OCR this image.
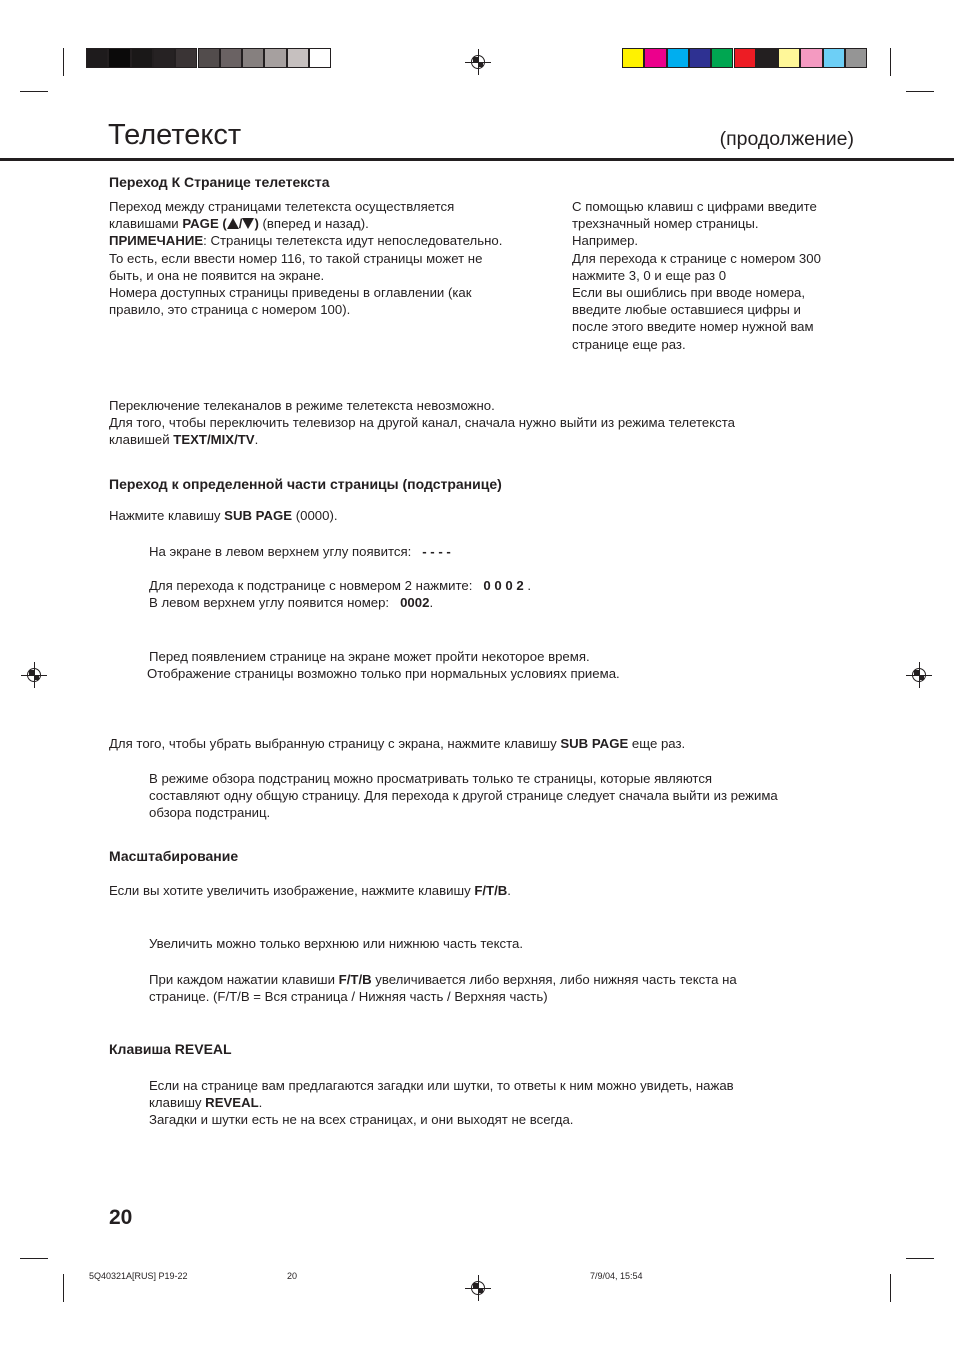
Телетекст	(продолжение)
Переход К Странице телетекста

Переход между страницами телетекста осуществляется

клавишами PAGE ( / ) (вперед и назад).

ПРИМЕЧАНИЕ: Страницы телетекста идут непоследовательно.

То есть, если ввести номер 116, то такой страницы может не

быть, и она не появится на экране.

Номера доступных страницы приведены в оглавлении (как

правило, это страница с номером 100).

С помощью клавиш с цифрами введите

трехзначный номер страницы.

Например.

Для перехода к странице с номером 300

нажмите 3, 0 и еще раз 0

Если вы ошиблись при вводе номера,

введите любые оставшиеся цифры и

после этого введите номер нужной вам

странице еще раз.

Переключение телеканалов в режиме телетекста невозможно.

Для того, чтобы переключить телевизор на другой канал, сначала нужно выйти из режима телетекста

клавишей TEXT/MIX/TV.

Переход к определенной части страницы (подстранице)

Нажмите клавишу SUB PAGE (0000).

На экране в левом верхнем углу появится:   - - - -

Для перехода к подстранице с новмером 2 нажмите:   0 0 0 2 .

В левом верхнем углу появится номер:   0002.

Перед появлением странице на экране может пройти некоторое время.

Отображение страницы возможно только при нормальных условиях приема.

Для того, чтобы убрать выбранную страницу с экрана, нажмите клавишу SUB PAGE еще раз.

В режиме обзора подстраниц можно просматривать только те страницы, которые являются

составляют одну общую страницу. Для перехода к другой странице следует сначала выйти из режима

обзора подстраниц.

Масштабирование

Если вы хотите увеличить изображение, нажмите клавишу F/T/B.

Увеличить можно только верхнюю или нижнюю часть текста.

При каждом нажатии клавиши F/T/B увеличивается либо верхняя, либо нижняя часть текста на

странице. (F/T/B = Вся страница / Нижняя часть / Верхняя часть)

Клавиша REVEAL

Если на странице вам предлагаются загадки или шутки, то ответы к ним можно увидеть, нажав

клавишу REVEAL.

Загадки и шутки есть не на всех страницах, и они выходят не всегда.

20
5Q40321A[RUS] P19-22	20	7/9/04, 15:54
